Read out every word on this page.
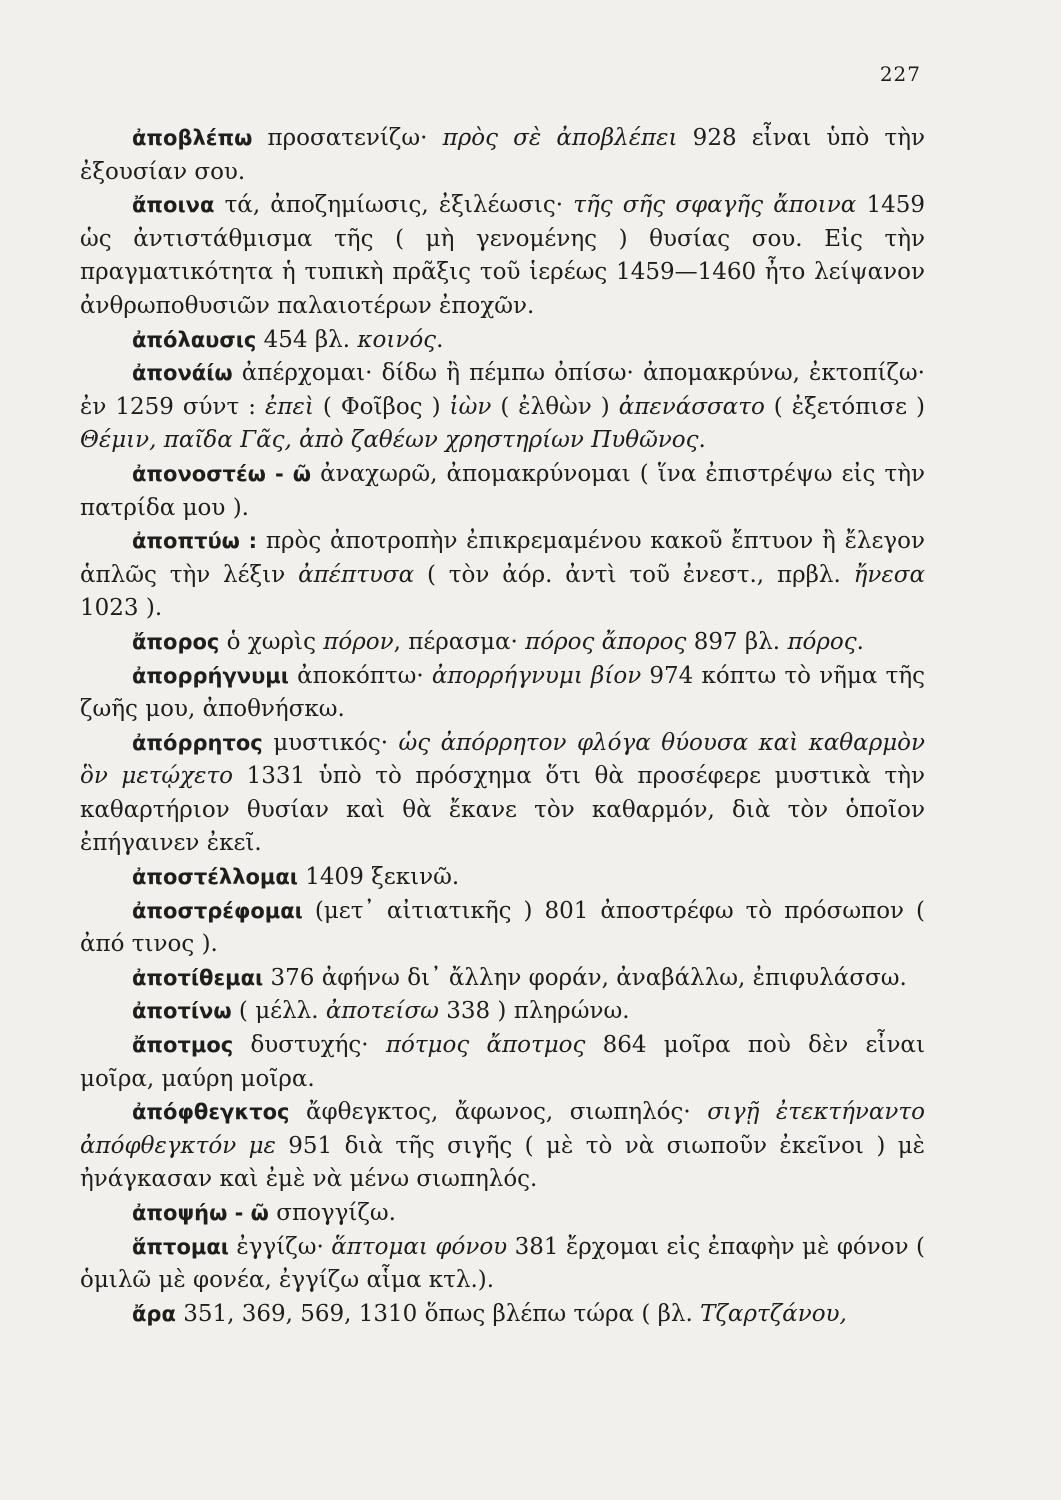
227

ἀποβλέπω προσατενίζω· πρὸς σὲ ἀποβλέπει 928 εἶναι ὑπὸ τὴν ἐξουσίαν σου.

ἄποινα τά, ἀποζημίωσις, ἐξιλέωσις· τῆς σῆς σφαγῆς ἄποινα 1459 ὡς ἀντιστάθμισμα τῆς ( μὴ γενομένης ) θυσίας σου. Εἰς τὴν πραγματικότητα ἡ τυπικὴ πρᾶξις τοῦ ἱερέως 1459—1460 ἦτο λείψανον ἀνθρωποθυσιῶν παλαιοτέρων ἐποχῶν.

ἀπόλαυσις 454 βλ. κοινός.

ἀπονάίω ἀπέρχομαι· δίδω ἢ πέμπω ὀπίσω· ἀπομακρύνω, ἐκτοπίζω· ἐν 1259 σύντ : ἐπεὶ ( Φοῖβος ) ἰὼν ( ἐλθὼν ) ἀπενάσσατο ( ἐξετόπισε ) Θέμιν, παῖδα Γᾶς, ἀπὸ ζαθέων χρηστηρίων Πυθῶνος.

ἀπονοστέω - ῶ ἀναχωρῶ, ἀπομακρύνομαι ( ἵνα ἐπιστρέψω εἰς τὴν πατρίδα μου ).

ἀποπτύω : πρὸς ἀποτροπὴν ἐπικρεμαμένου κακοῦ ἔπτυον ἢ ἔλεγον ἁπλῶς τὴν λέξιν ἀπέπτυσα ( τὸν ἀόρ. ἀντὶ τοῦ ἐνεστ., πρβλ. ἤνεσα 1023 ).

ἄπορος ὁ χωρὶς πόρον, πέρασμα· πόρος ἄπορος 897 βλ. πόρος.

ἀπορρήγνυμι ἀποκόπτω· ἀπορρήγνυμι βίον 974 κόπτω τὸ νῆμα τῆς ζωῆς μου, ἀποθνήσκω.

ἀπόρρητος μυστικός· ὡς ἀπόρρητον φλόγα θύουσα καὶ καθαρμὸν ὃν μετῴχετο 1331 ὑπὸ τὸ πρόσχημα ὅτι θὰ προσέφερε μυστικὰ τὴν καθαρτήριον θυσίαν καὶ θὰ ἔκανε τὸν καθαρμόν, διὰ τὸν ὁποῖον ἐπήγαινεν ἐκεῖ.

ἀποστέλλομαι 1409 ξεκινῶ.

ἀποστρέφομαι (μετ᾽ αἰτιατικῆς ) 801 ἀποστρέφω τὸ πρόσωπον ( ἀπό τινος ).

ἀποτίθεμαι 376 ἀφήνω δι᾽ ἄλλην φοράν, ἀναβάλλω, ἐπιφυλάσσω.

ἀποτίνω ( μέλλ. ἀποτείσω 338 ) πληρώνω.

ἄποτμος δυστυχής· πότμος ἄποτμος 864 μοῖρα ποὺ δὲν εἶναι μοῖρα, μαύρη μοῖρα.

ἀπόφθεγκτος ἄφθεγκτος, ἄφωνος, σιωπηλός· σιγῇ ἐτεκτήναντο ἀπόφθεγκτόν με 951 διὰ τῆς σιγῆς ( μὲ τὸ νὰ σιωποῦν ἐκεῖνοι ) μὲ ἠνάγκασαν καὶ ἐμὲ νὰ μένω σιωπηλός.

ἀποψήω - ῶ σπογγίζω.

ἅπτομαι ἐγγίζω· ἅπτομαι φόνου 381 ἔρχομαι εἰς ἐπαφὴν μὲ φόνον ( ὁμιλῶ μὲ φονέα, ἐγγίζω αἷμα κτλ.).

ἄρα 351, 369, 569, 1310 ὅπως βλέπω τώρα ( βλ. Τζαρτζάνου,
